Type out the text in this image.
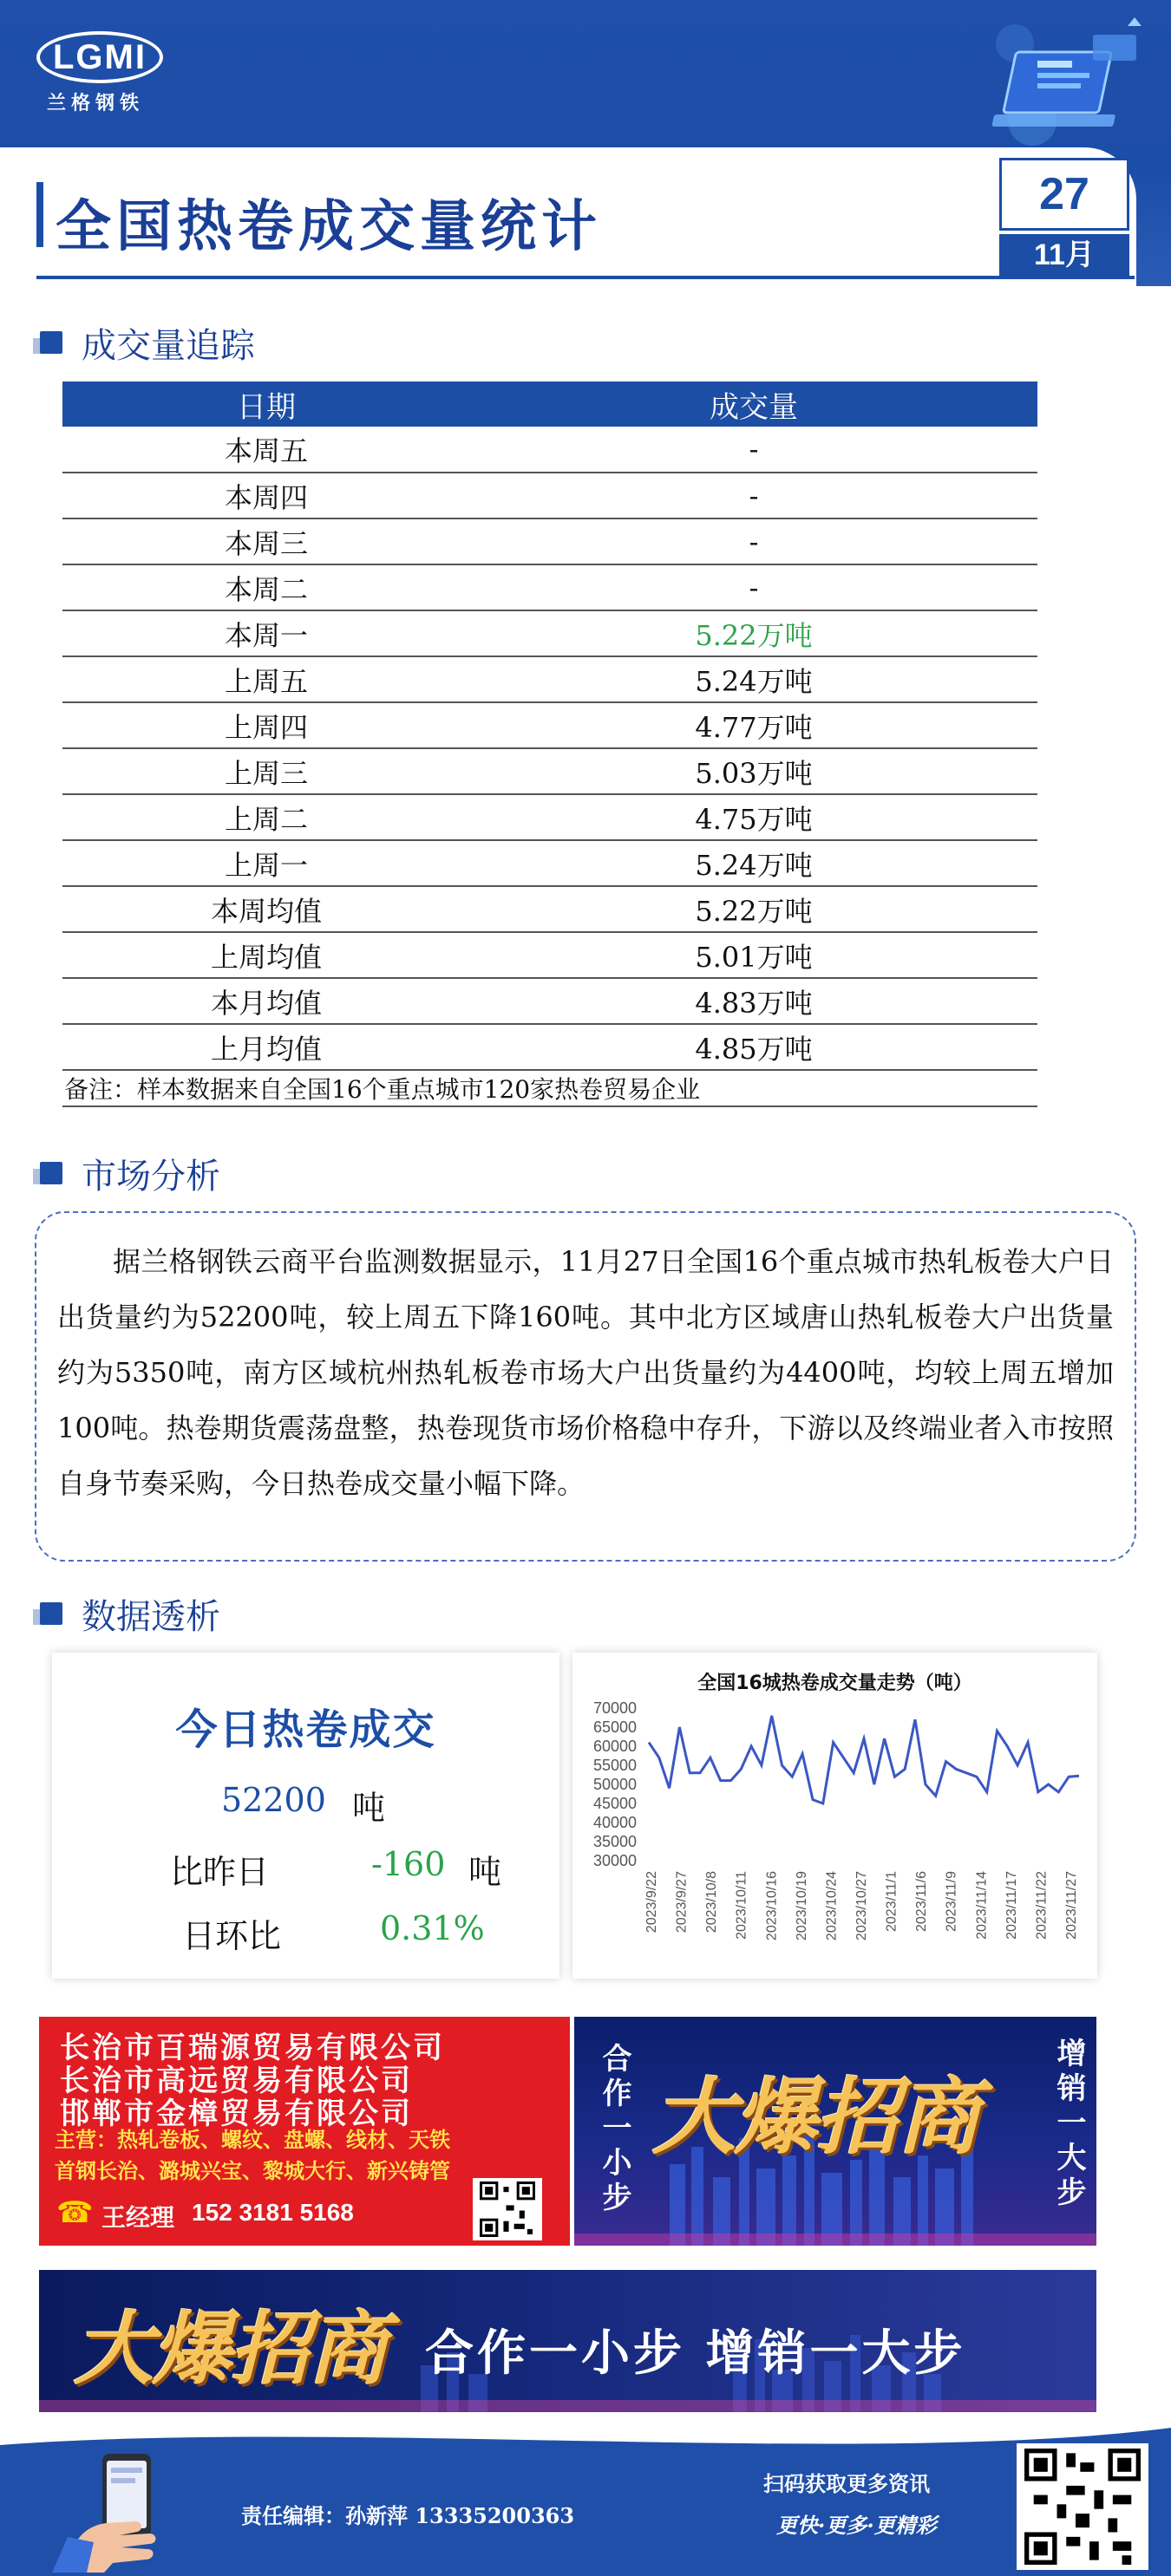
LGMI
兰格钢铁
全国热卷成交量统计	27
11月
成交量追踪
日期	成交量
本周五	-
本周四	-
本周三	-
本周二	-
本周一	5.22万吨
上周五	5.24万吨
上周四	4.77万吨
上周三	5.03万吨
上周二	4.75万吨
上周一	5.24万吨
本周均值	5.22万吨
上周均值	5.01万吨
本月均值	4.83万吨
上月均值	4.85万吨
备注：样本数据来自全国16个重点城市120家热卷贸易企业	
市场分析

据兰格钢铁云商平台监测数据显示，11月27日全国16个重点城市热轧板卷大户日出货量约为52200吨，较上周五下降160吨。其中北方区域唐山热轧板卷大户出货量约为5350吨，南方区域杭州热轧板卷市场大户出货量约为4400吨，均较上周五增加100吨。热卷期货震荡盘整，热卷现货市场价格稳中存升，下游以及终端业者入市按照自身节奏采购，今日热卷成交量小幅下降。

数据透析
今日热卷成交
52200 吨
比昨日	-160 吨
日环比	0.31%
全国16城热卷成交量走势（吨）
30000
35000
40000
45000
50000
55000
60000
65000
70000
2023/9/22 2023/9/27 2023/10/8 2023/10/11 2023/10/16 2023/10/19 2023/10/24 2023/10/27 2023/11/1 2023/11/6 2023/11/9 2023/11/14 2023/11/17 2023/11/22 2023/11/27
长治市百瑞源贸易有限公司
长治市高远贸易有限公司
邯郸市金樟贸易有限公司
主营：热轧卷板、螺纹、盘螺、线材、天铁
首钢长治、潞城兴宝、黎城大行、新兴铸管
☎ 王经理 152 3181 5168	合作一小步	增销一大步
大爆招商
大爆招商 合作一小步 增销一大步
责任编辑：孙新萍 13335200363
扫码获取更多资讯
更快·更多·更精彩
